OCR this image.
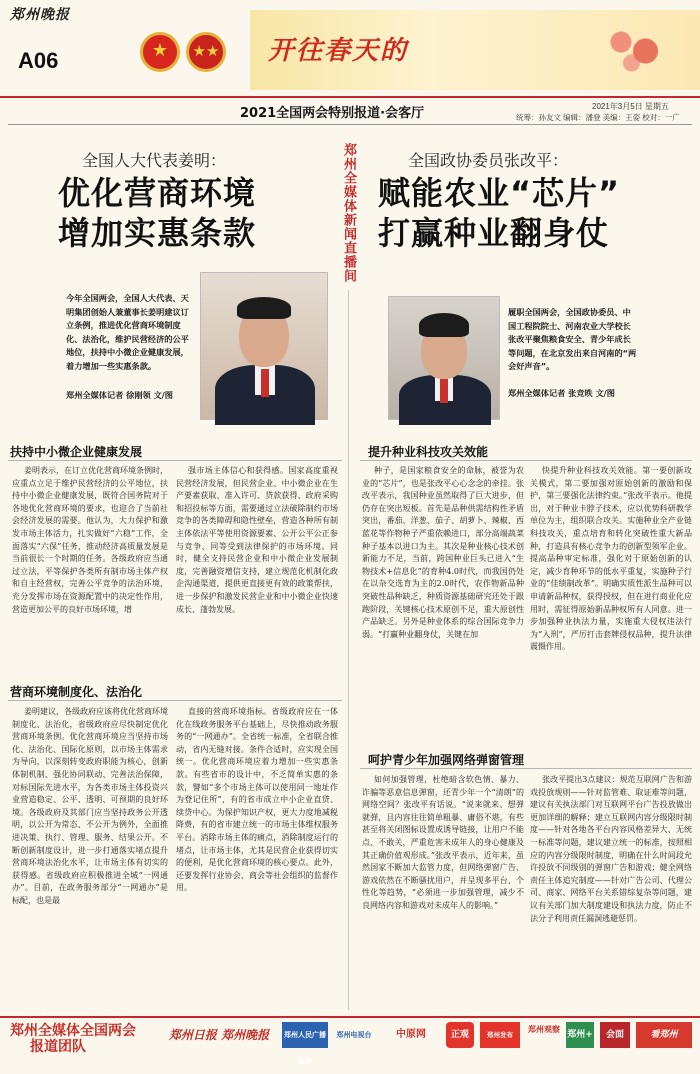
郑州晚报
A06	★	★★ 开往春天的
2021全国两会特别报道·会客厅	2021年3月5日 星期五
统筹：孙友文 编辑：潘登 美编：王姿 校对：一广
全国人大代表姜明：
优化营商环境
增加实惠条款
全国政协委员张改平：
赋能农业“芯片”
打赢种业翻身仗
郑州全媒体新闻直播间
今年全国两会，全国人大代表、天明集团创始人兼董事长姜明建议订立条例，推进优化营商环境制度化、法治化，维护民营经济的公平地位，扶持中小微企业健康发展，着力增加一些实惠条款。
郑州全媒体记者 徐刚领 文/图
履职全国两会，全国政协委员、中国工程院院士、河南农业大学校长张改平聚焦粮食安全、青少年成长等问题，在北京发出来自河南的“两会好声音”。
郑州全媒体记者 张竞昳 文/图
扶持中小微企业健康发展
姜明表示，在订立优化营商环境条例时，应重点立足于维护民营经济的公平地位，扶持中小微企业健康发展，既符合国务院对于各地优化营商环境的要求，也迎合了当前社会经济发展的需要。他认为，大力保护和激发市场主体活力，扎实做好“六稳”工作，全面落实“六保”任务，推动经济高质量发展是当前很长一个时期的任务。各级政府应当通过立法，平等保护各类所有制市场主体产权和自主经营权，完善公平竞争的法治环境，充分发挥市场在资源配置中的决定性作用，营造更加公平的良好市场环境，增
强市场主体信心和获得感。国家高度重视民营经济发展，但民营企业、中小微企业在生产要素获取、准入许可、贷款获得、政府采购和招投标等方面，需要通过立法破除制约市场竞争的各类障碍和隐性壁垒，营造各种所有制主体依法平等使用资源要素、公开公平公正参与竞争、同等受到法律保护的市场环境。同时，健全支持民营企业和中小微企业发展制度，完善融资增信支持，建立规范化机制化政企沟通渠道，提供更直接更有效的政策帮扶，进一步保护和激发民营企业和中小微企业快速成长、蓬勃发展。
营商环境制度化、法治化
姜明建议，各级政府应该将优化营商环境制度化、法治化，省级政府应尽快制定优化营商环境条例。优化营商环境应当坚持市场化、法治化、国际化原则，以市场主体需求为导向，以深刻转变政府职能为核心，创新体制机制、强化协同联动、完善法治保障，对标国际先进水平，为各类市场主体投资兴业营造稳定、公平、透明、可预期的良好环境。各级政府及其部门应当坚持政务公开透明，以公开为常态、不公开为例外，全面推进决策、执行、管理、服务、结果公开。不断创新制度设计，进一步打通落实堵点提升营商环境法治化水平，让市场主体有切实的获得感。省级政府应积极推进全城“一网通办”。目前，在政务服务部分“一网通办”是标配，也是最
直接的营商环境指标。省级政府应在一体化在线政务服务平台基础上，尽快推动政务服务的“一网通办”。全省统一标准，全省联合推动，省内无缝对接。条件合适时，应实现全国统一。优化营商环境应着力增加一些实惠条款。有些省市的设计中，不乏简单实惠的条款，譬如“多个市场主体可以使用同一地址作为登记住所”，有的省市成立中小企业直贷、续贷中心。为保护知识产权，更大力度地减税降费，有的省市建立统一的市场主体维权服务平台。消除市场主体的痛点，消除制度运行的堵点，让市场主体，尤其是民营企业获得切实的便利，是优化营商环境的核心要点。此外，还要发挥行业协会、商会等社会组织的监督作用。
提升种业科技攻关效能
种子，是国家粮食安全的命脉，被誉为农业的“芯片”，也是张改平心心念念的牵挂。张改平表示，我国种业虽然取得了巨大进步，但仍存在突出短板。首先是品种供需结构性矛盾突出，番茄、洋葱、茄子、胡萝卜、辣椒、西蓝花等作物种子严重依赖进口，部分高端蔬菜种子基本以进口为主。其次是种业核心技术创新能力不足，当前，跨国种业巨头已进入“生物技术+信息化”的育种4.0时代，而我国仍处在以杂交选育为主的2.0时代，农作物新品种突破性品种缺乏，种质资源基础研究还处于跟跑阶段，关键核心技术原创不足，重大原创性产品缺乏。另外是种业体系的综合国际竞争力弱。“打赢种业翻身仗，关键在加
快提升种业科技攻关效能。第一要创新攻关模式，第二要加强对原始创新的激励和保护，第三要强化法律约束。”张改平表示。他提出，对于种业卡脖子技术，应以优势科研教学单位为主，组织联合攻关。实施种业全产业链科技攻关，重点培育和转化突破性重大新品种，打造具有核心竞争力的创新型领军企业。提高品种审定标准，强化对于原始创新的认定，减少育种环节的低水平重复，实施种子行业的“佳绩制改革”。明确实质性派生品种可以申请新品种权，获得授权，但在进行商业化应用时，需征得原始新品种权所有人同意。进一步加强种业执法力量，实施重大侵权违法行为“入刑”，严厉打击套牌侵权品种，提升法律震慑作用。
呵护青少年加强网络弹窗管理
如何加强管理，杜绝暗含软色情、暴力、诈骗等恶意信息弹窗，还青少年一个“清朗”的网络空间？张改平有话说。“说来就来、想弹就弹，且内容往往简单粗暴、庸俗不堪，有些甚至将关闭图标设置成诱导链接，让用户不能点、不敢关，严重危害未成年人的身心健康及其正确价值观形成。”张改平表示，近年来，虽然国家不断加大监管力度，但网络弹窗广告、游戏依然在不断骚扰用户，并呈现多平台、个性化等趋势，“必须进一步加强管理，减少不良网络内容和游戏对未成年人的影响。”
张改平提出3点建议：规范互联网广告和游戏投放规则——针对监管难、取证难等问题，建议有关执法部门对互联网平台广告投放做出更加详细的解释；建立互联网内容分级限时制度——针对各地各平台内容风格差异大、无统一标准等问题，建议建立统一的标准，按照相应的内容分级限时制度，明确在什么时间段允许投放不同级别的弹窗广告和游戏；健全网络责任主体追究制度——针对广告公司、代理公司、商家、网络平台关系错综复杂等问题，建议有关部门加大制度建设和执法力度，防止不法分子利用责任漏洞逃避惩罚。
郑州全媒体全国两会
报道团队
郑州日报 郑州晚报	郑州人民广播电台
郑州电视台	中原网	正观	郑州发布
郑州观察
郑州+	会面	看郑州
